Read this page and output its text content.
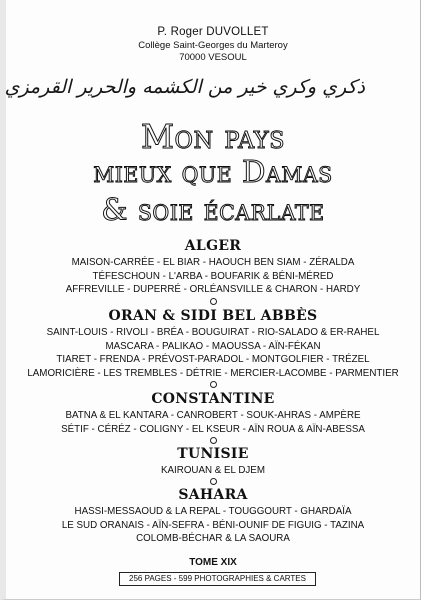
P. Roger DUVOLLET
Collège Saint-Georges du Marteroy
70000 VESOUL
ذكري وكري خير من الكشمه والحرير القرمزي
Mon pays
mieux que Damas
& soie écarlate
ALGER
MAISON-CARRÉE - EL BIAR - HAOUCH BEN SIAM - ZÉRALDA
TÉFESCHOUN - L'ARBA - BOUFARIK & BÉNI-MÉRED
AFFREVILLE - DUPERRÉ - ORLÉANSVILLE & CHARON - HARDY
ORAN & SIDI BEL ABBÈS
SAINT-LOUIS - RIVOLI - BRÉA - BOUGUIRAT - RIO-SALADO & ER-RAHEL
MASCARA - PALIKAO - MAOUSSA - AÏN-FÉKAN
TIARET - FRENDA - PRÉVOST-PARADOL - MONTGOLFIER - TRÉZEL
LAMORICIÈRE - LES TREMBLES - DÉTRIE - MERCIER-LACOMBE - PARMENTIER
CONSTANTINE
BATNA & EL KANTARA - CANROBERT - SOUK-AHRAS - AMPÈRE
SÉTIF - CÉRÉZ - COLIGNY - EL KSEUR - AÏN ROUA & AÏN-ABESSA
TUNISIE
KAIROUAN & EL DJEM
SAHARA
HASSI-MESSAOUD & LA REPAL - TOUGGOURT - GHARDAÏA
LE SUD ORANAIS - AÏN-SEFRA - BÉNI-OUNIF DE FIGUIG - TAZINA
COLOMB-BÉCHAR & LA SAOURA
TOME XIX
256 PAGES - 599 PHOTOGRAPHIES & CARTES
